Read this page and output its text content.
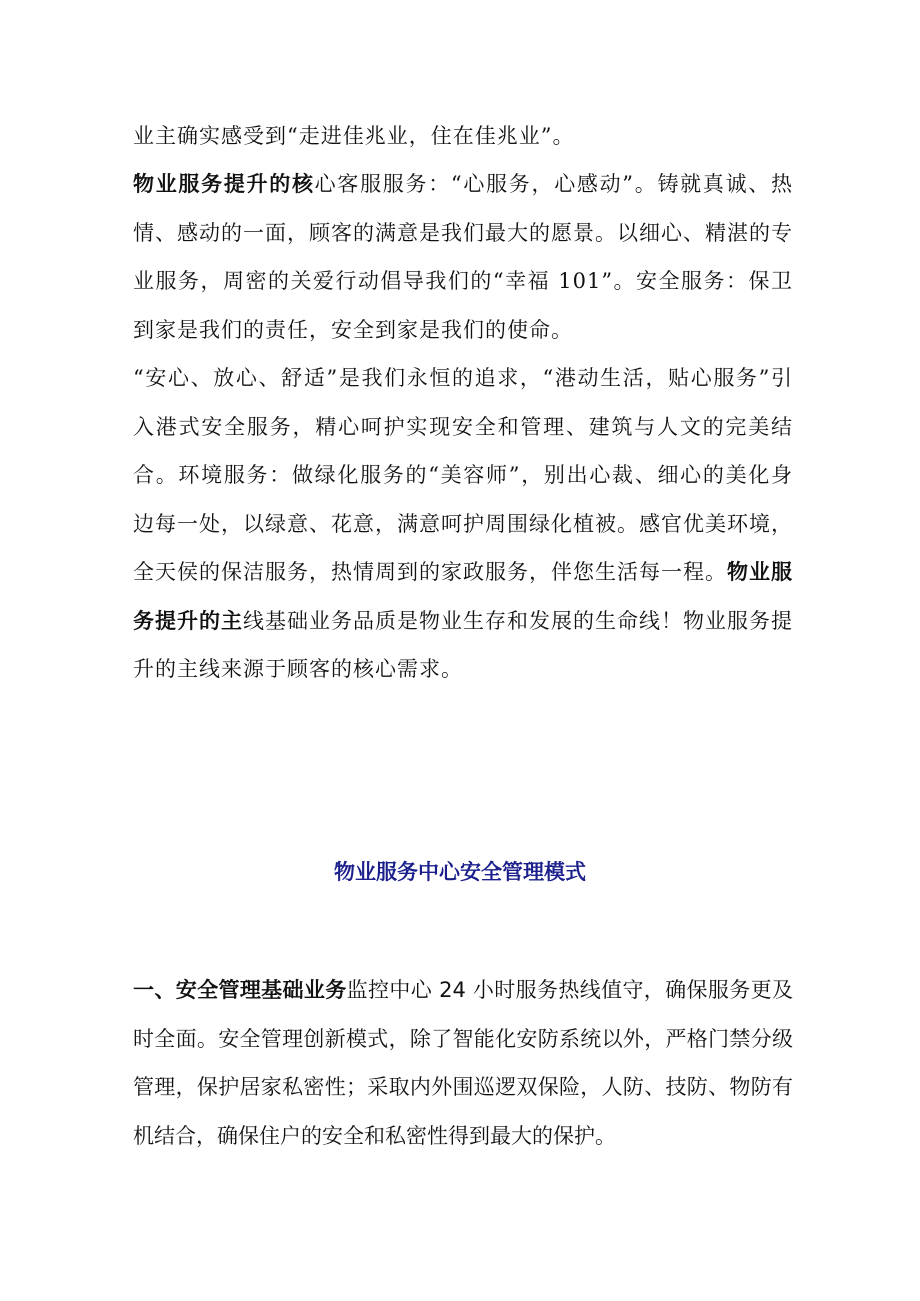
业主确实感受到“走进佳兆业，住在佳兆业”。

物业服务提升的核心客服服务：“心服务，心感动”。铸就真诚、热情、感动的一面，顾客的满意是我们最大的愿景。以细心、精湛的专业服务，周密的关爱行动倡导我们的“幸福 101”。安全服务：保卫到家是我们的责任，安全到家是我们的使命。

“安心、放心、舒适”是我们永恒的追求，“港动生活，贴心服务”引入港式安全服务，精心呵护实现安全和管理、建筑与人文的完美结合。环境服务：做绿化服务的“美容师”，别出心裁、细心的美化身边每一处，以绿意、花意，满意呵护周围绿化植被。感官优美环境，全天侯的保洁服务，热情周到的家政服务，伴您生活每一程。物业服务提升的主线基础业务品质是物业生存和发展的生命线！物业服务提升的主线来源于顾客的核心需求。

物业服务中心安全管理模式

一、安全管理基础业务监控中心 24 小时服务热线值守，确保服务更及时全面。安全管理创新模式，除了智能化安防系统以外，严格门禁分级管理，保护居家私密性；采取内外围巡逻双保险，人防、技防、物防有机结合，确保住户的安全和私密性得到最大的保护。
